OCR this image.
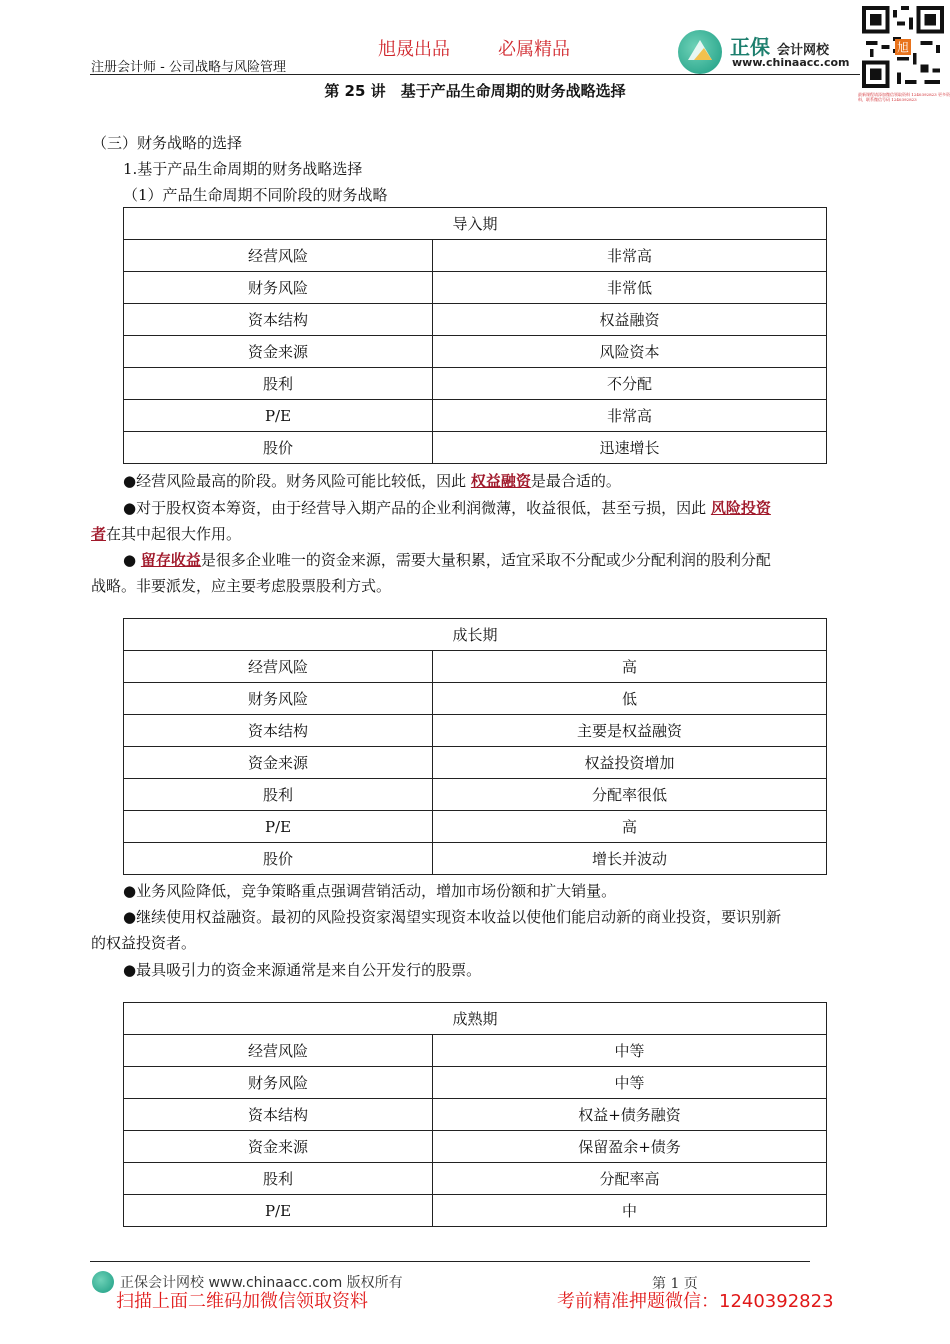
注册会计师 - 公司战略与风险管理
旭晟出品	必属精品	正保 会计网校
www.chinaacc.com
旭
最新课程请添加微信领取资料 1240392823 更多资料，联系微信号码 1240392823
第 25 讲　基于产品生命周期的财务战略选择
（三）财务战略的选择
1.基于产品生命周期的财务战略选择
（1）产品生命周期不同阶段的财务战略
导入期	
经营风险	非常高
财务风险	非常低
资本结构	权益融资
资金来源	风险资本
股利	不分配
P/E	非常高
股价	迅速增长
●经营风险最高的阶段。财务风险可能比较低，因此 权益融资是最合适的。
●对于股权资本筹资，由于经营导入期产品的企业利润微薄，收益很低，甚至亏损，因此 风险投资
者在其中起很大作用。
● 留存收益是很多企业唯一的资金来源，需要大量积累，适宜采取不分配或少分配利润的股利分配
战略。非要派发，应主要考虑股票股利方式。
成长期	
经营风险	高
财务风险	低
资本结构	主要是权益融资
资金来源	权益投资增加
股利	分配率很低
P/E	高
股价	增长并波动
●业务风险降低，竞争策略重点强调营销活动，增加市场份额和扩大销量。
●继续使用权益融资。最初的风险投资家渴望实现资本收益以使他们能启动新的商业投资，要识别新
的权益投资者。
●最具吸引力的资金来源通常是来自公开发行的股票。
成熟期	
经营风险	中等
财务风险	中等
资本结构	权益+债务融资
资金来源	保留盈余+债务
股利	分配率高
P/E	中
正保会计网校 www.chinaacc.com 版权所有	第 1 页
扫描上面二维码加微信领取资料	考前精准押题微信：1240392823
